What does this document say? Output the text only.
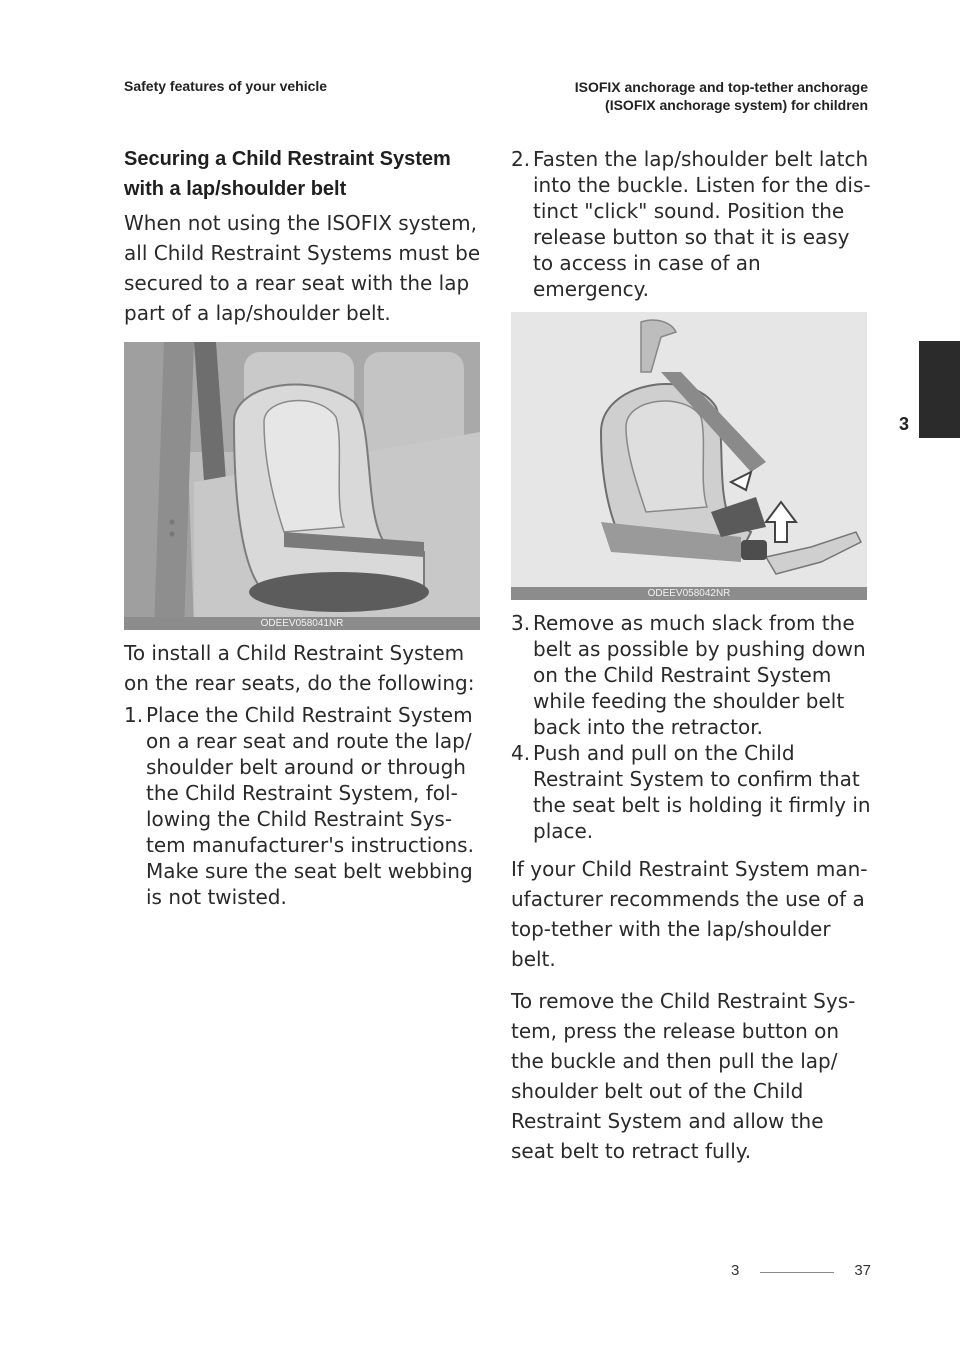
Safety features of your vehicle	ISOFIX anchorage and top-tether anchorage
(ISOFIX anchorage system) for children
3
Securing a Child Restraint System
with a lap/shoulder belt

When not using the ISOFIX system, all Child Restraint Systems must be secured to a rear seat with the lap part of a lap/shoulder belt.

ODEEV058041NR

To install a Child Restraint System on the rear seats, do the following:

1. Place the Child Restraint System on a rear seat and route the lap/ shoulder belt around or through the Child Restraint System, fol- lowing the Child Restraint Sys- tem manufacturer's instructions. Make sure the seat belt webbing is not twisted.
2. Fasten the lap/shoulder belt latch into the buckle. Listen for the dis- tinct "click" sound. Position the release button so that it is easy to access in case of an emergency.
ODEEV058042NR
3. Remove as much slack from the belt as possible by pushing down on the Child Restraint System while feeding the shoulder belt back into the retractor.
4. Push and pull on the Child Restraint System to confirm that the seat belt is holding it firmly in place.

If your Child Restraint System man- ufacturer recommends the use of a top-tether with the lap/shoulder belt.

To remove the Child Restraint Sys- tem, press the release button on the buckle and then pull the lap/ shoulder belt out of the Child Restraint System and allow the seat belt to retract fully.

3	37
